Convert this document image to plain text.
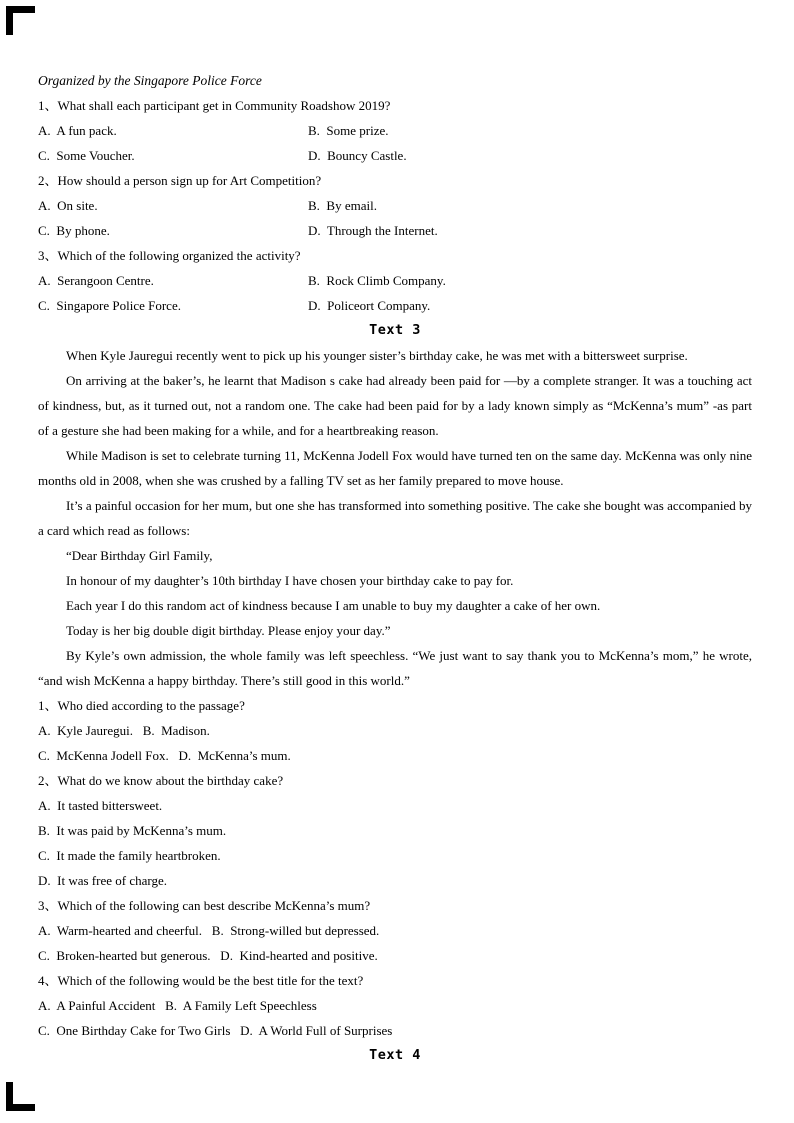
Organized by the Singapore Police Force
1、What shall each participant get in Community Roadshow 2019?
A.  A fun pack.	B.  Some prize.
C.  Some Voucher.	D.  Bouncy Castle.
2、How should a person sign up for Art Competition?
A.  On site.	B.  By email.
C.  By phone.	D.  Through the Internet.
3、Which of the following organized the activity?
A.  Serangoon Centre.	B.  Rock Climb Company.
C.  Singapore Police Force.	D.  Policeort Company.
Text 3

When Kyle Jauregui recently went to pick up his younger sister’s birthday cake, he was met with a bittersweet surprise.

On arriving at the baker’s, he learnt that Madison s cake had already been paid for —by a complete stranger. It was a touching act of kindness, but, as it turned out, not a random one. The cake had been paid for by a lady known simply as “McKenna’s mum” -as part of a gesture she had been making for a while, and for a heartbreaking reason.

While Madison is set to celebrate turning 11, McKenna Jodell Fox would have turned ten on the same day. McKenna was only nine months old in 2008, when she was crushed by a falling TV set as her family prepared to move house.

It’s a painful occasion for her mum, but one she has transformed into something positive. The cake she bought was accompanied by a card which read as follows:

“Dear Birthday Girl Family,

In honour of my daughter’s 10th birthday I have chosen your birthday cake to pay for.

Each year I do this random act of kindness because I am unable to buy my daughter a cake of her own.

Today is her big double digit birthday. Please enjoy your day.”

By Kyle’s own admission, the whole family was left speechless. “We just want to say thank you to McKenna’s mom,” he wrote, “and wish McKenna a happy birthday. There’s still good in this world.”

1、Who died according to the passage?
A.  Kyle Jauregui.   B.  Madison.
C.  McKenna Jodell Fox.   D.  McKenna’s mum.
2、What do we know about the birthday cake?
A.  It tasted bittersweet.
B.  It was paid by McKenna’s mum.
C.  It made the family heartbroken.
D.  It was free of charge.
3、Which of the following can best describe McKenna’s mum?
A.  Warm-hearted and cheerful.   B.  Strong-willed but depressed.
C.  Broken-hearted but generous.   D.  Kind-hearted and positive.
4、Which of the following would be the best title for the text?
A.  A Painful Accident   B.  A Family Left Speechless
C.  One Birthday Cake for Two Girls   D.  A World Full of Surprises
Text 4
